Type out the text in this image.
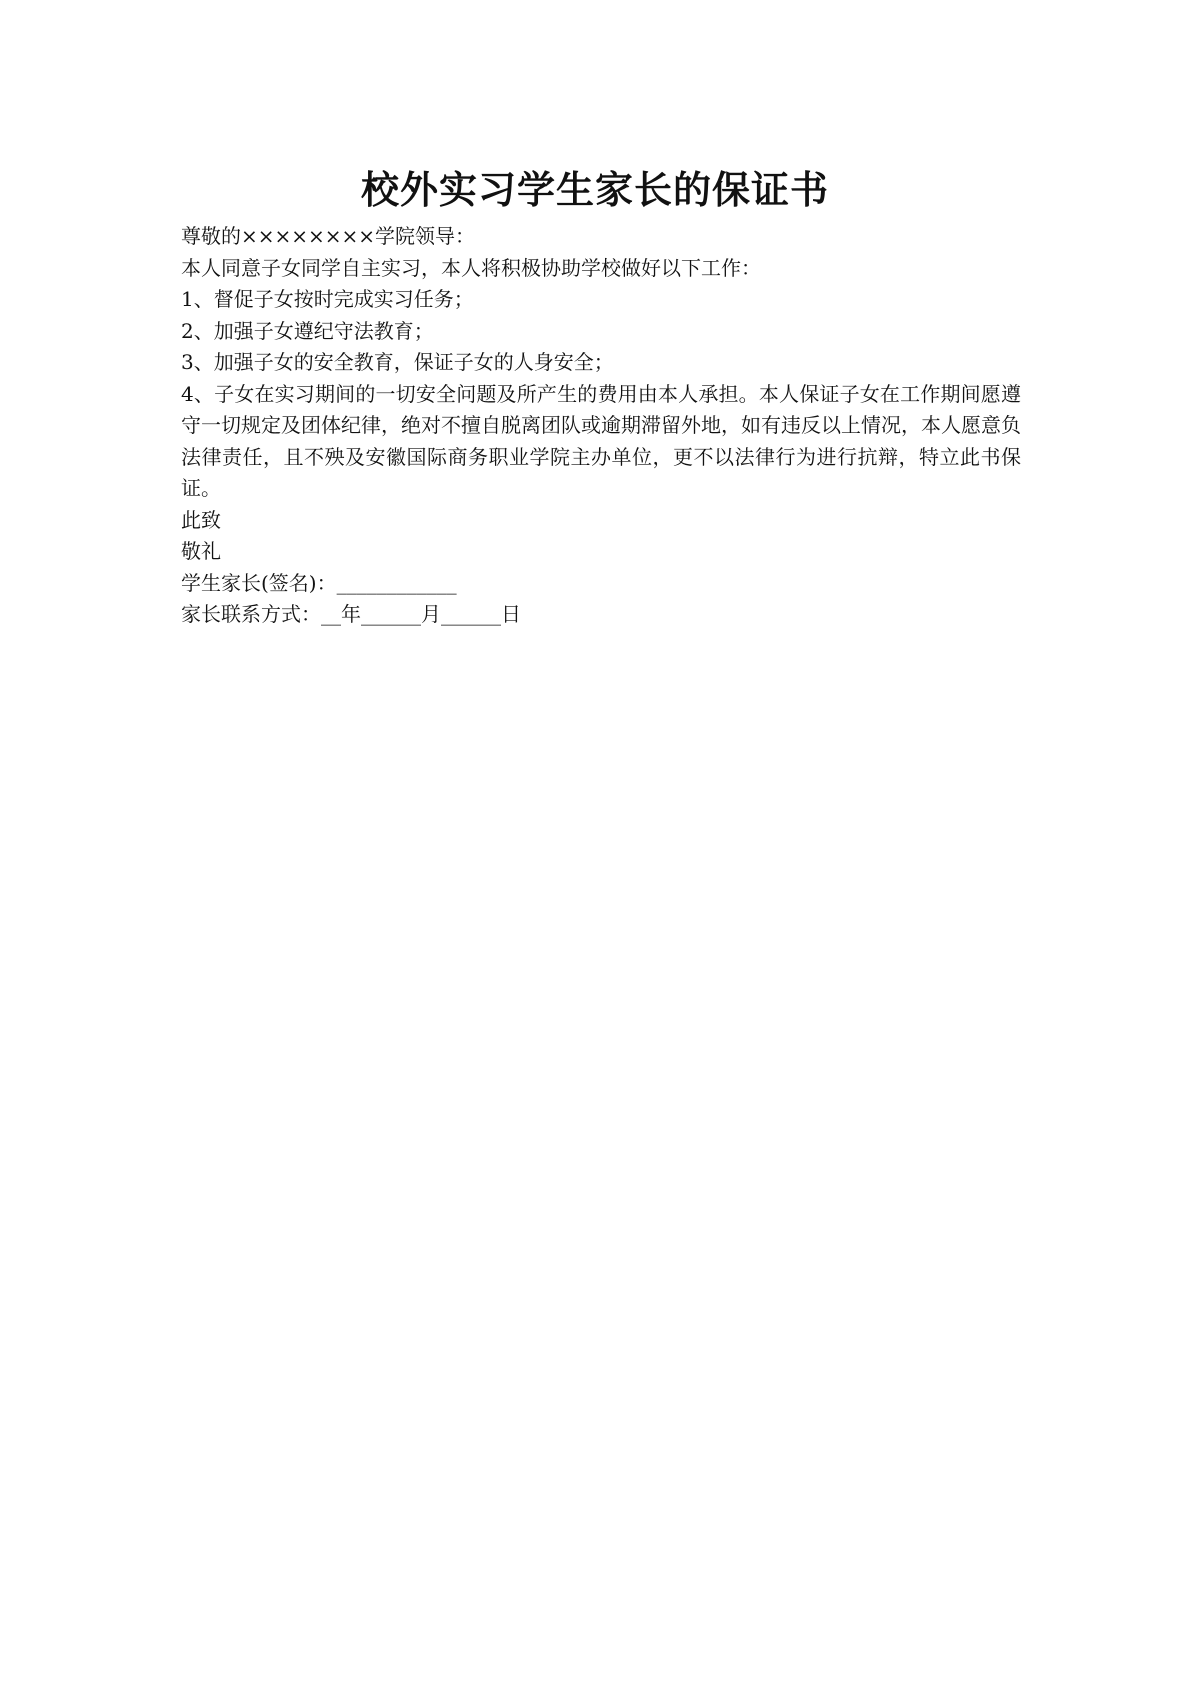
校外实习学生家长的保证书
尊敬的××××××××学院领导：
本人同意子女同学自主实习，本人将积极协助学校做好以下工作：
1、督促子女按时完成实习任务；
2、加强子女遵纪守法教育；
3、加强子女的安全教育，保证子女的人身安全；
4、子女在实习期间的一切安全问题及所产生的费用由本人承担。本人保证子女在工作期间愿遵守一切规定及团体纪律，绝对不擅自脱离团队或逾期滞留外地，如有违反以上情况，本人愿意负法律责任，且不殃及安徽国际商务职业学院主办单位，更不以法律行为进行抗辩，特立此书保证。
此致
敬礼
学生家长(签名)：____________
家长联系方式：__年______月______日
